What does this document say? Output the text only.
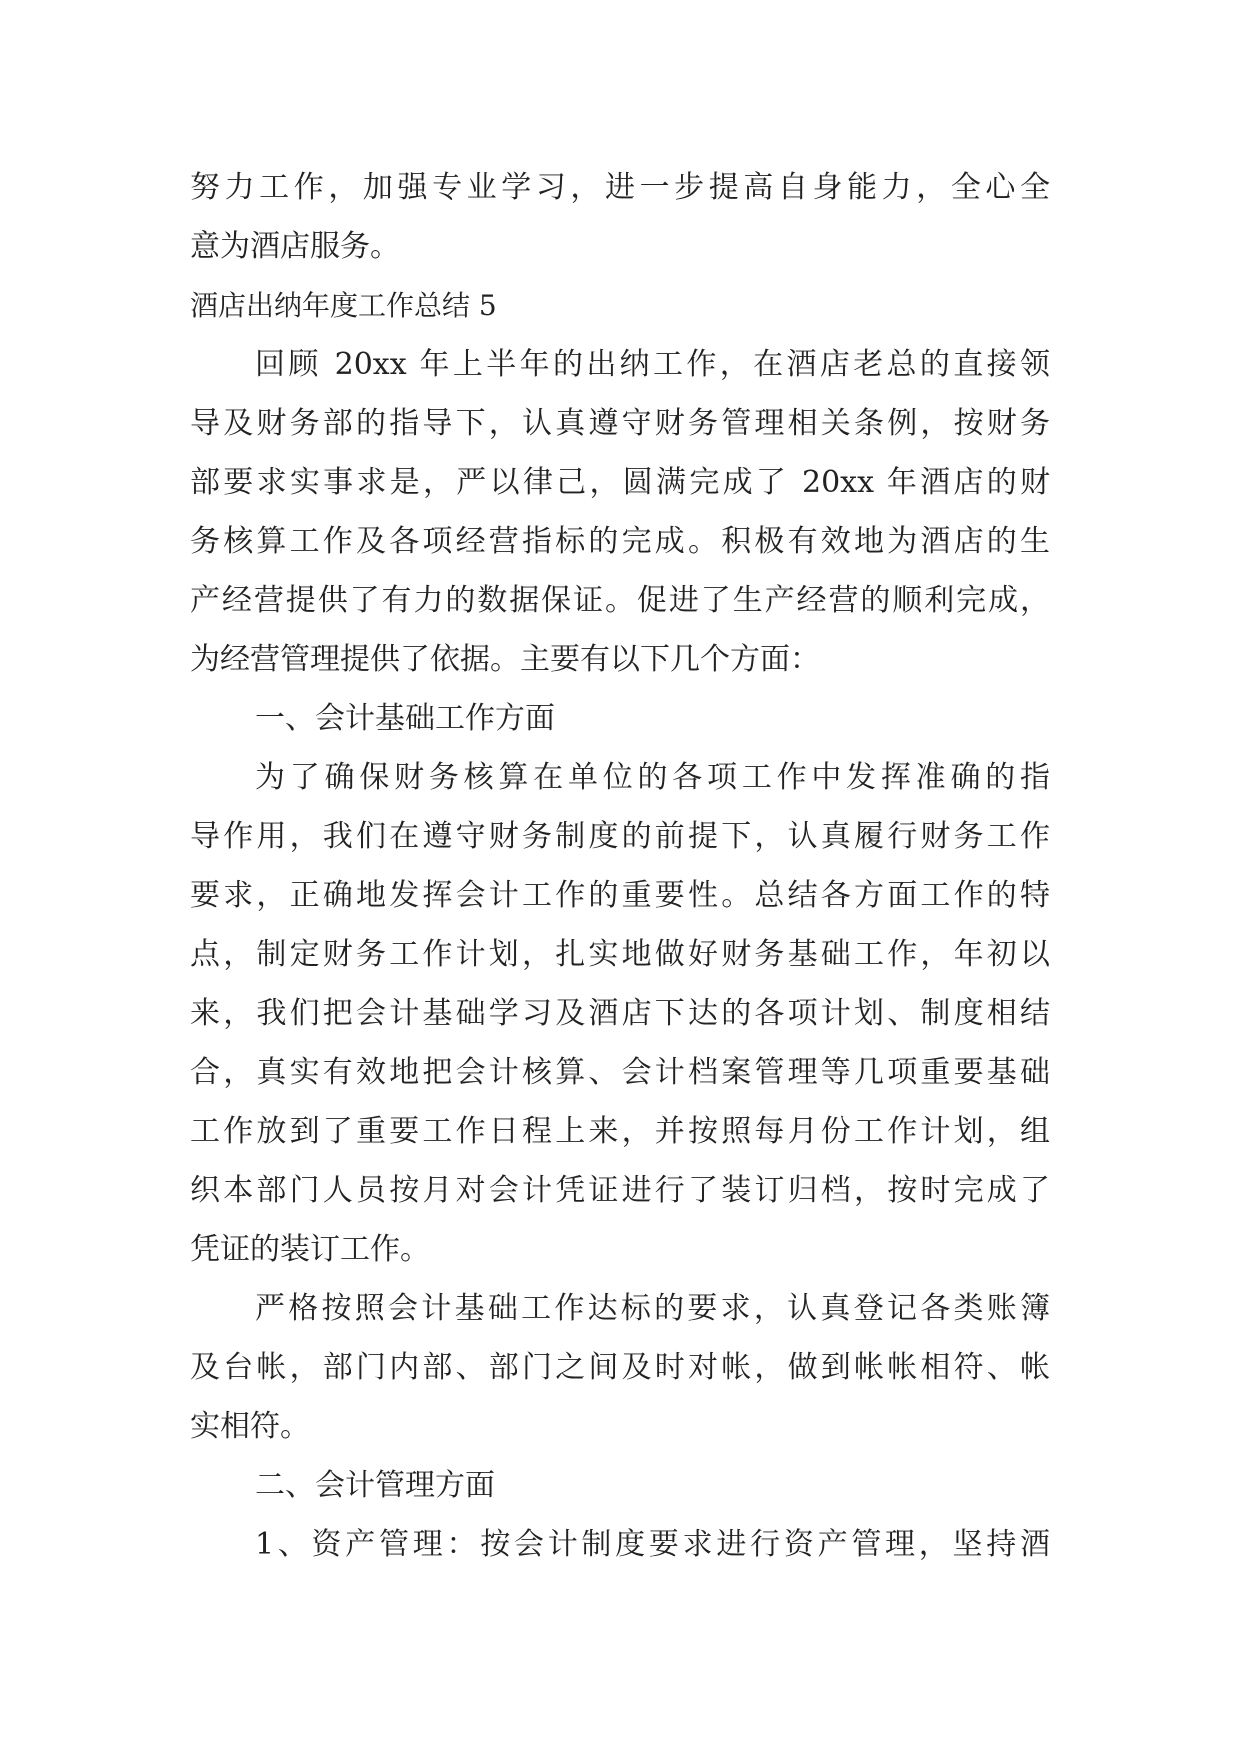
努力工作，加强专业学习，进一步提高自身能力，全心全
意为酒店服务。
酒店出纳年度工作总结 5
回顾 20xx 年上半年的出纳工作，在酒店老总的直接领
导及财务部的指导下，认真遵守财务管理相关条例，按财务
部要求实事求是，严以律己，圆满完成了 20xx 年酒店的财
务核算工作及各项经营指标的完成。积极有效地为酒店的生
产经营提供了有力的数据保证。促进了生产经营的顺利完成，
为经营管理提供了依据。主要有以下几个方面：
一、会计基础工作方面
为了确保财务核算在单位的各项工作中发挥准确的指
导作用，我们在遵守财务制度的前提下，认真履行财务工作
要求，正确地发挥会计工作的重要性。总结各方面工作的特
点，制定财务工作计划，扎实地做好财务基础工作，年初以
来，我们把会计基础学习及酒店下达的各项计划、制度相结
合，真实有效地把会计核算、会计档案管理等几项重要基础
工作放到了重要工作日程上来，并按照每月份工作计划，组
织本部门人员按月对会计凭证进行了装订归档，按时完成了
凭证的装订工作。
严格按照会计基础工作达标的要求，认真登记各类账簿
及台帐，部门内部、部门之间及时对帐，做到帐帐相符、帐
实相符。
二、会计管理方面
1、资产管理：按会计制度要求进行资产管理，坚持酒
